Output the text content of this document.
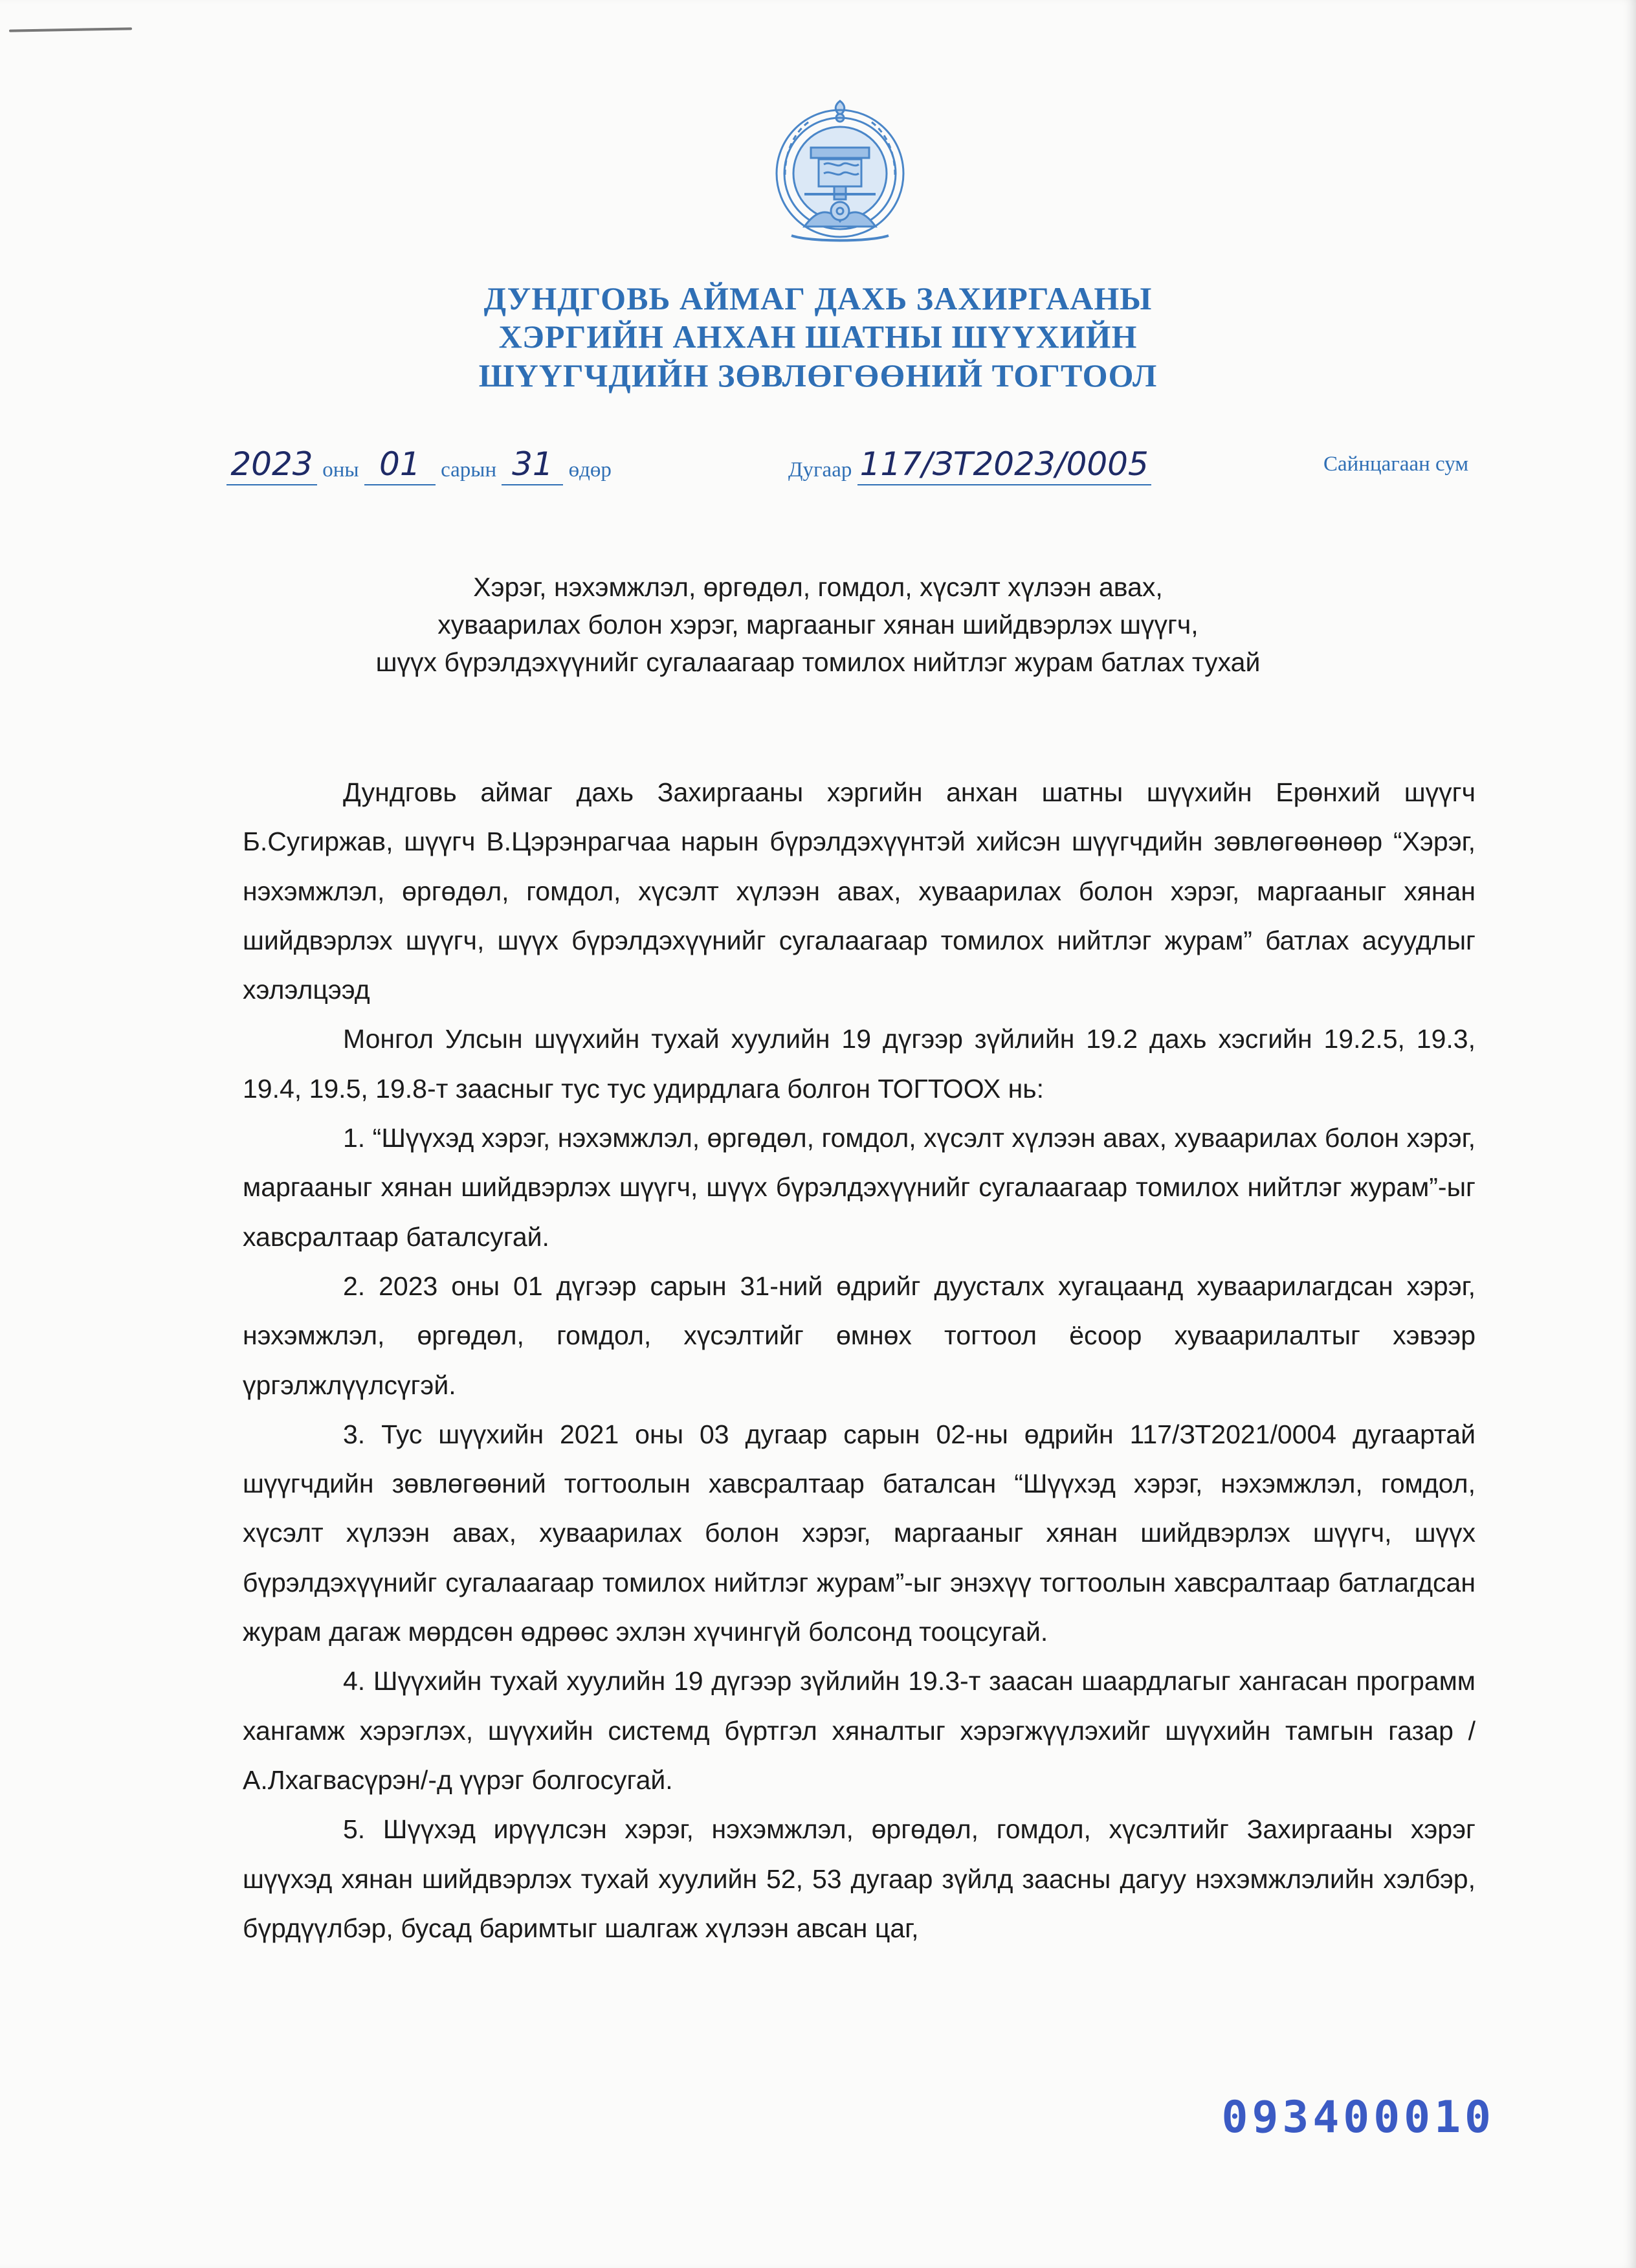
ДУНДГОВЬ АЙМАГ ДАХЬ ЗАХИРГААНЫ
ХЭРГИЙН АНХАН ШАТНЫ ШҮҮХИЙН
ШҮҮГЧДИЙН ЗӨВЛӨГӨӨНИЙ ТОГТООЛ
2023 оны 01 сарын 31 өдөр	Дугаар 117/ЗТ2023/0005	Сайнцагаан сум
Хэрэг, нэхэмжлэл, өргөдөл, гомдол, хүсэлт хүлээн авах,
хуваарилах болон хэрэг, маргааныг хянан шийдвэрлэх шүүгч,
шүүх бүрэлдэхүүнийг сугалаагаар томилох нийтлэг журам батлах тухай

Дундговь аймаг дахь Захиргааны хэргийн анхан шатны шүүхийн Ерөнхий шүүгч Б.Сугиржав, шүүгч В.Цэрэнрагчаа нарын бүрэлдэхүүнтэй хийсэн шүүгчдийн зөвлөгөөнөөр “Хэрэг, нэхэмжлэл, өргөдөл, гомдол, хүсэлт хүлээн авах, хуваарилах болон хэрэг, маргааныг хянан шийдвэрлэх шүүгч, шүүх бүрэлдэхүүнийг сугалаагаар томилох нийтлэг журам” батлах асуудлыг хэлэлцээд

Монгол Улсын шүүхийн тухай хуулийн 19 дүгээр зүйлийн 19.2 дахь хэсгийн 19.2.5, 19.3, 19.4, 19.5, 19.8-т заасныг тус тус удирдлага болгон ТОГТООХ нь:

1. “Шүүхэд хэрэг, нэхэмжлэл, өргөдөл, гомдол, хүсэлт хүлээн авах, хуваарилах болон хэрэг, маргааныг хянан шийдвэрлэх шүүгч, шүүх бүрэлдэхүүнийг сугалаагаар томилох нийтлэг журам”-ыг хавсралтаар баталсугай.

2. 2023 оны 01 дүгээр сарын 31-ний өдрийг дуусталх хугацаанд хуваарилагдсан хэрэг, нэхэмжлэл, өргөдөл, гомдол, хүсэлтийг өмнөх тогтоол ёсоор хуваарилалтыг хэвээр үргэлжлүүлсүгэй.

3. Тус шүүхийн 2021 оны 03 дугаар сарын 02-ны өдрийн 117/ЗТ2021/0004 дугаартай шүүгчдийн зөвлөгөөний тогтоолын хавсралтаар баталсан “Шүүхэд хэрэг, нэхэмжлэл, гомдол, хүсэлт хүлээн авах, хуваарилах болон хэрэг, маргааныг хянан шийдвэрлэх шүүгч, шүүх бүрэлдэхүүнийг сугалаагаар томилох нийтлэг журам”-ыг энэхүү тогтоолын хавсралтаар батлагдсан журам дагаж мөрдсөн өдрөөс эхлэн хүчингүй болсонд тооцсугай.

4. Шүүхийн тухай хуулийн 19 дүгээр зүйлийн 19.3-т заасан шаардлагыг хангасан программ хангамж хэрэглэх, шүүхийн системд бүртгэл хяналтыг хэрэгжүүлэхийг шүүхийн тамгын газар /А.Лхагвасүрэн/-д үүрэг болгосугай.

5. Шүүхэд ирүүлсэн хэрэг, нэхэмжлэл, өргөдөл, гомдол, хүсэлтийг Захиргааны хэрэг шүүхэд хянан шийдвэрлэх тухай хуулийн 52, 53 дугаар зүйлд заасны дагуу нэхэмжлэлийн хэлбэр, бүрдүүлбэр, бусад баримтыг шалгаж хүлээн авсан цаг,

093400010
